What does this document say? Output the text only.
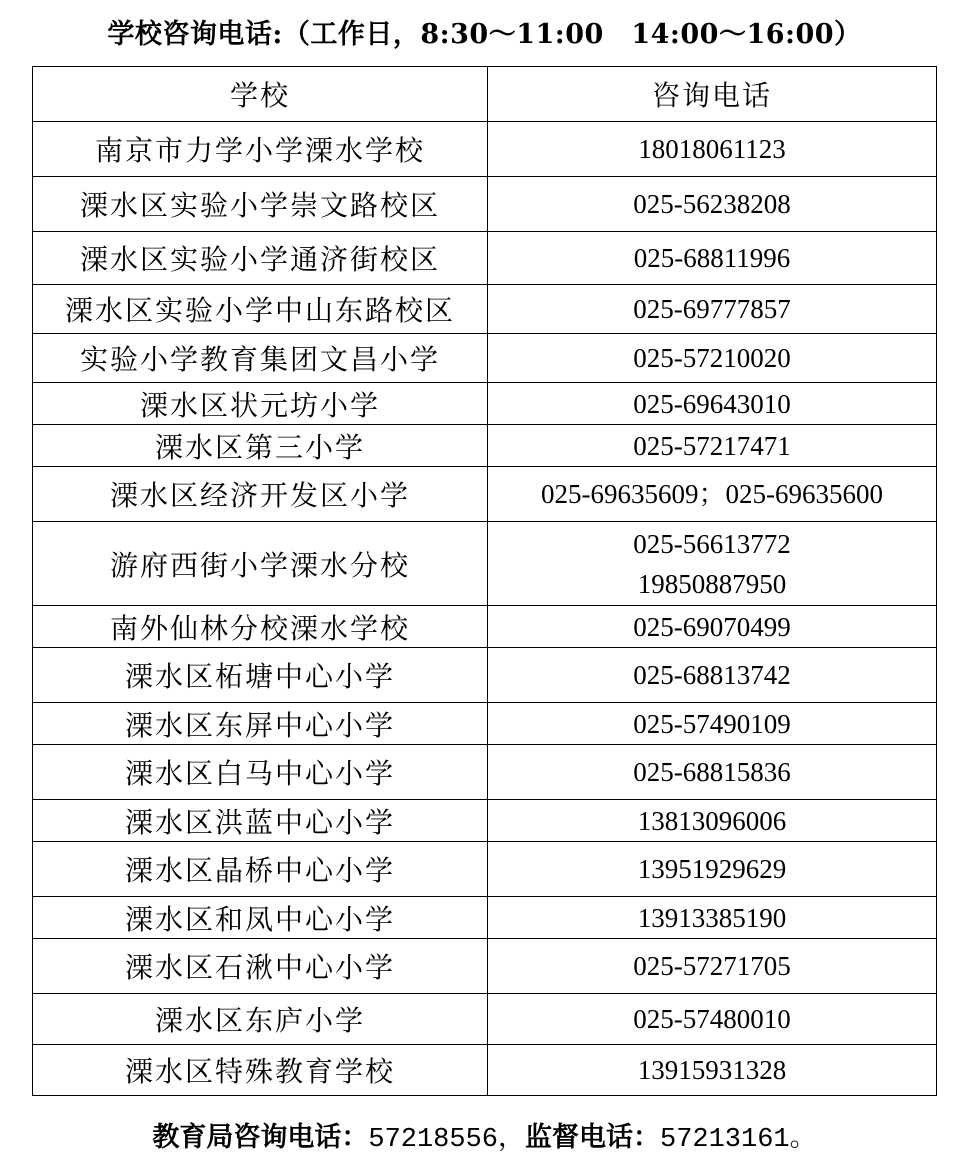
学校咨询电话:（工作日，8:30～11:00　14:00～16:00）
学校	咨询电话
南京市力学小学溧水学校	18018061123

溧水区实验小学崇文路校区	025-56238208

溧水区实验小学通济街校区	025-68811996

溧水区实验小学中山东路校区	025-69777857

实验小学教育集团文昌小学	025-57210020

溧水区状元坊小学	025-69643010

溧水区第三小学	025-57217471

溧水区经济开发区小学	025-69635609；025-69635600

游府西街小学溧水分校	025-56613772
19850887950

南外仙林分校溧水学校	025-69070499

溧水区柘塘中心小学	025-68813742

溧水区东屏中心小学	025-57490109

溧水区白马中心小学	025-68815836

溧水区洪蓝中心小学	13813096006

溧水区晶桥中心小学	13951929629

溧水区和凤中心小学	13913385190

溧水区石湫中心小学	025-57271705

溧水区东庐小学	025-57480010

溧水区特殊教育学校	13915931328
教育局咨询电话：57218556，监督电话：57213161。
